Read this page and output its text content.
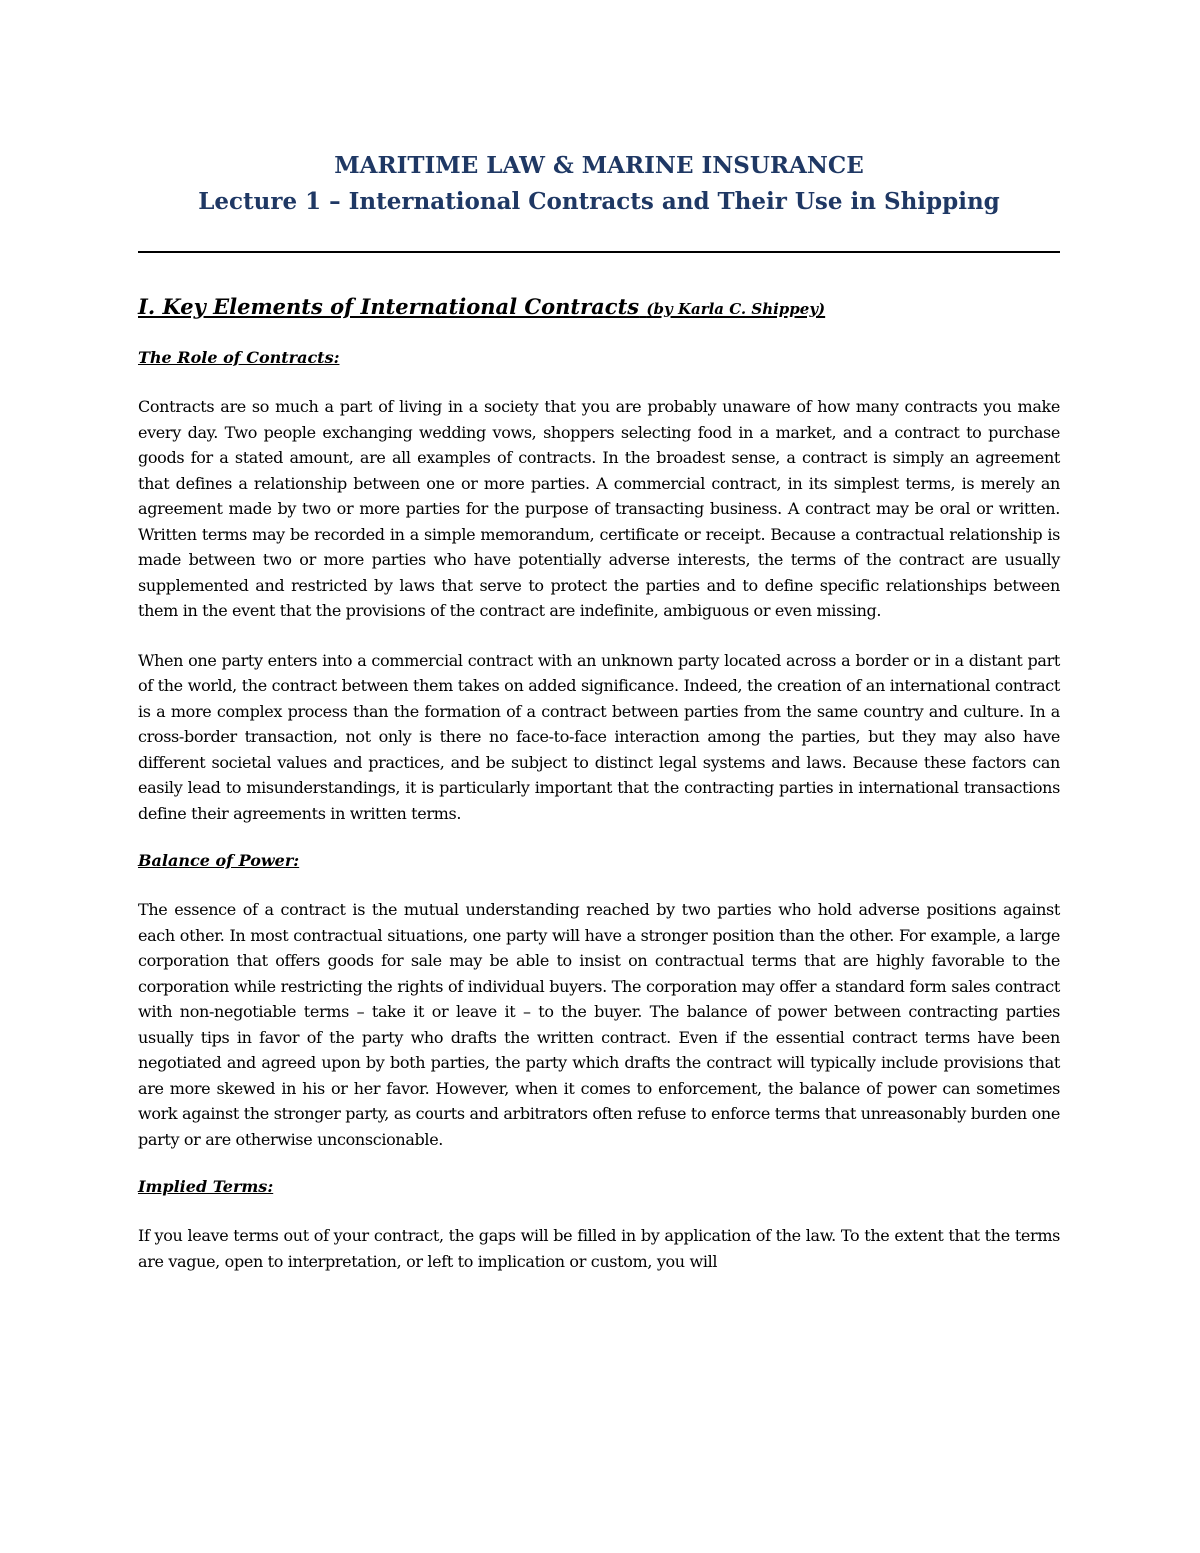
MARITIME LAW & MARINE INSURANCE
Lecture 1 – International Contracts and Their Use in Shipping
I. Key Elements of International Contracts (by Karla C. Shippey)
The Role of Contracts:

Contracts are so much a part of living in a society that you are probably unaware of how many contracts you make every day. Two people exchanging wedding vows, shoppers selecting food in a market, and a contract to purchase goods for a stated amount, are all examples of contracts. In the broadest sense, a contract is simply an agreement that defines a relationship between one or more parties. A commercial contract, in its simplest terms, is merely an agreement made by two or more parties for the purpose of transacting business. A contract may be oral or written. Written terms may be recorded in a simple memorandum, certificate or receipt. Because a contractual relationship is made between two or more parties who have potentially adverse interests, the terms of the contract are usually supplemented and restricted by laws that serve to protect the parties and to define specific relationships between them in the event that the provisions of the contract are indefinite, ambiguous or even missing.

When one party enters into a commercial contract with an unknown party located across a border or in a distant part of the world, the contract between them takes on added significance. Indeed, the creation of an international contract is a more complex process than the formation of a contract between parties from the same country and culture. In a cross-border transaction, not only is there no face-to-face interaction among the parties, but they may also have different societal values and practices, and be subject to distinct legal systems and laws. Because these factors can easily lead to misunderstandings, it is particularly important that the contracting parties in international transactions define their agreements in written terms.

Balance of Power:

The essence of a contract is the mutual understanding reached by two parties who hold adverse positions against each other. In most contractual situations, one party will have a stronger position than the other. For example, a large corporation that offers goods for sale may be able to insist on contractual terms that are highly favorable to the corporation while restricting the rights of individual buyers. The corporation may offer a standard form sales contract with non-negotiable terms – take it or leave it – to the buyer. The balance of power between contracting parties usually tips in favor of the party who drafts the written contract. Even if the essential contract terms have been negotiated and agreed upon by both parties, the party which drafts the contract will typically include provisions that are more skewed in his or her favor. However, when it comes to enforcement, the balance of power can sometimes work against the stronger party, as courts and arbitrators often refuse to enforce terms that unreasonably burden one party or are otherwise unconscionable.

Implied Terms:

If you leave terms out of your contract, the gaps will be filled in by application of the law. To the extent that the terms are vague, open to interpretation, or left to implication or custom, you will
